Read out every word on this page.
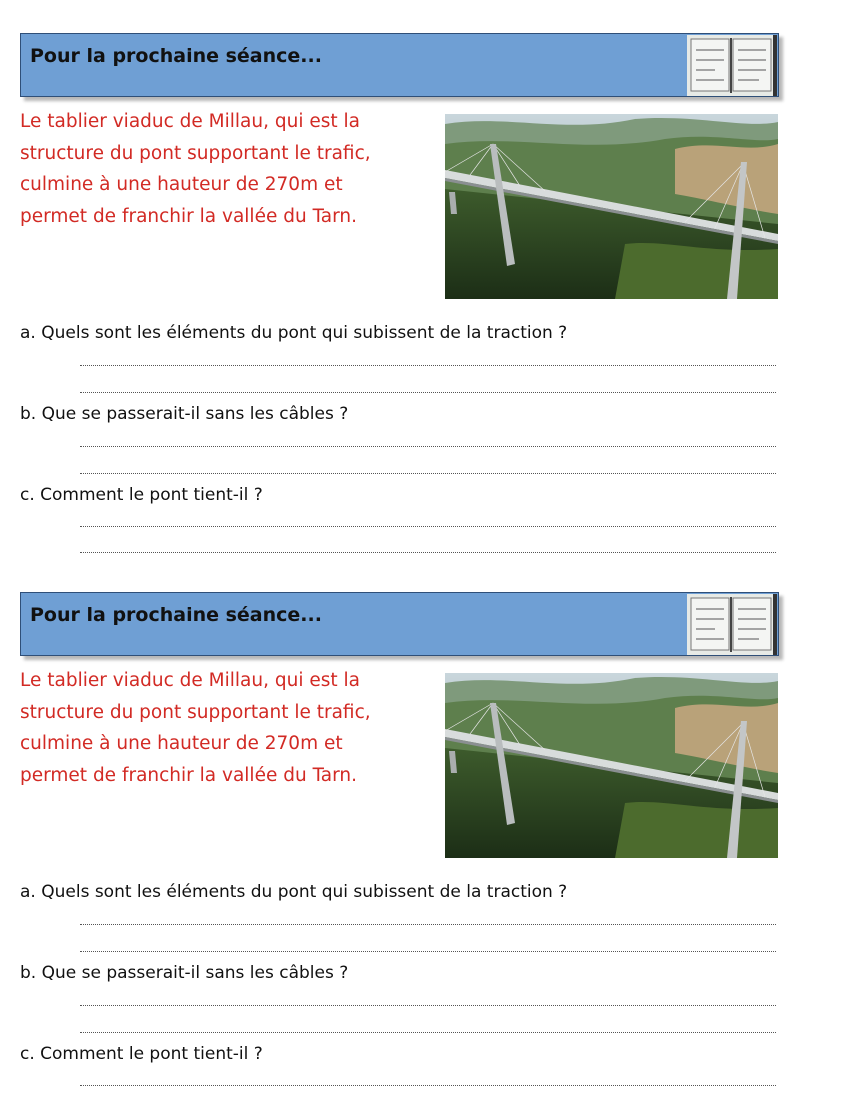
Pour la prochaine séance...
Le tablier viaduc de Millau, qui est la
structure du pont supportant le trafic,
culmine à une hauteur de 270m et
permet de franchir la vallée du Tarn.
a. Quels sont les éléments du pont qui subissent de la traction ?
b. Que se passerait-il sans les câbles ?
c. Comment le pont tient-il ?
Pour la prochaine séance...
Le tablier viaduc de Millau, qui est la
structure du pont supportant le trafic,
culmine à une hauteur de 270m et
permet de franchir la vallée du Tarn.
a. Quels sont les éléments du pont qui subissent de la traction ?
b. Que se passerait-il sans les câbles ?
c. Comment le pont tient-il ?
